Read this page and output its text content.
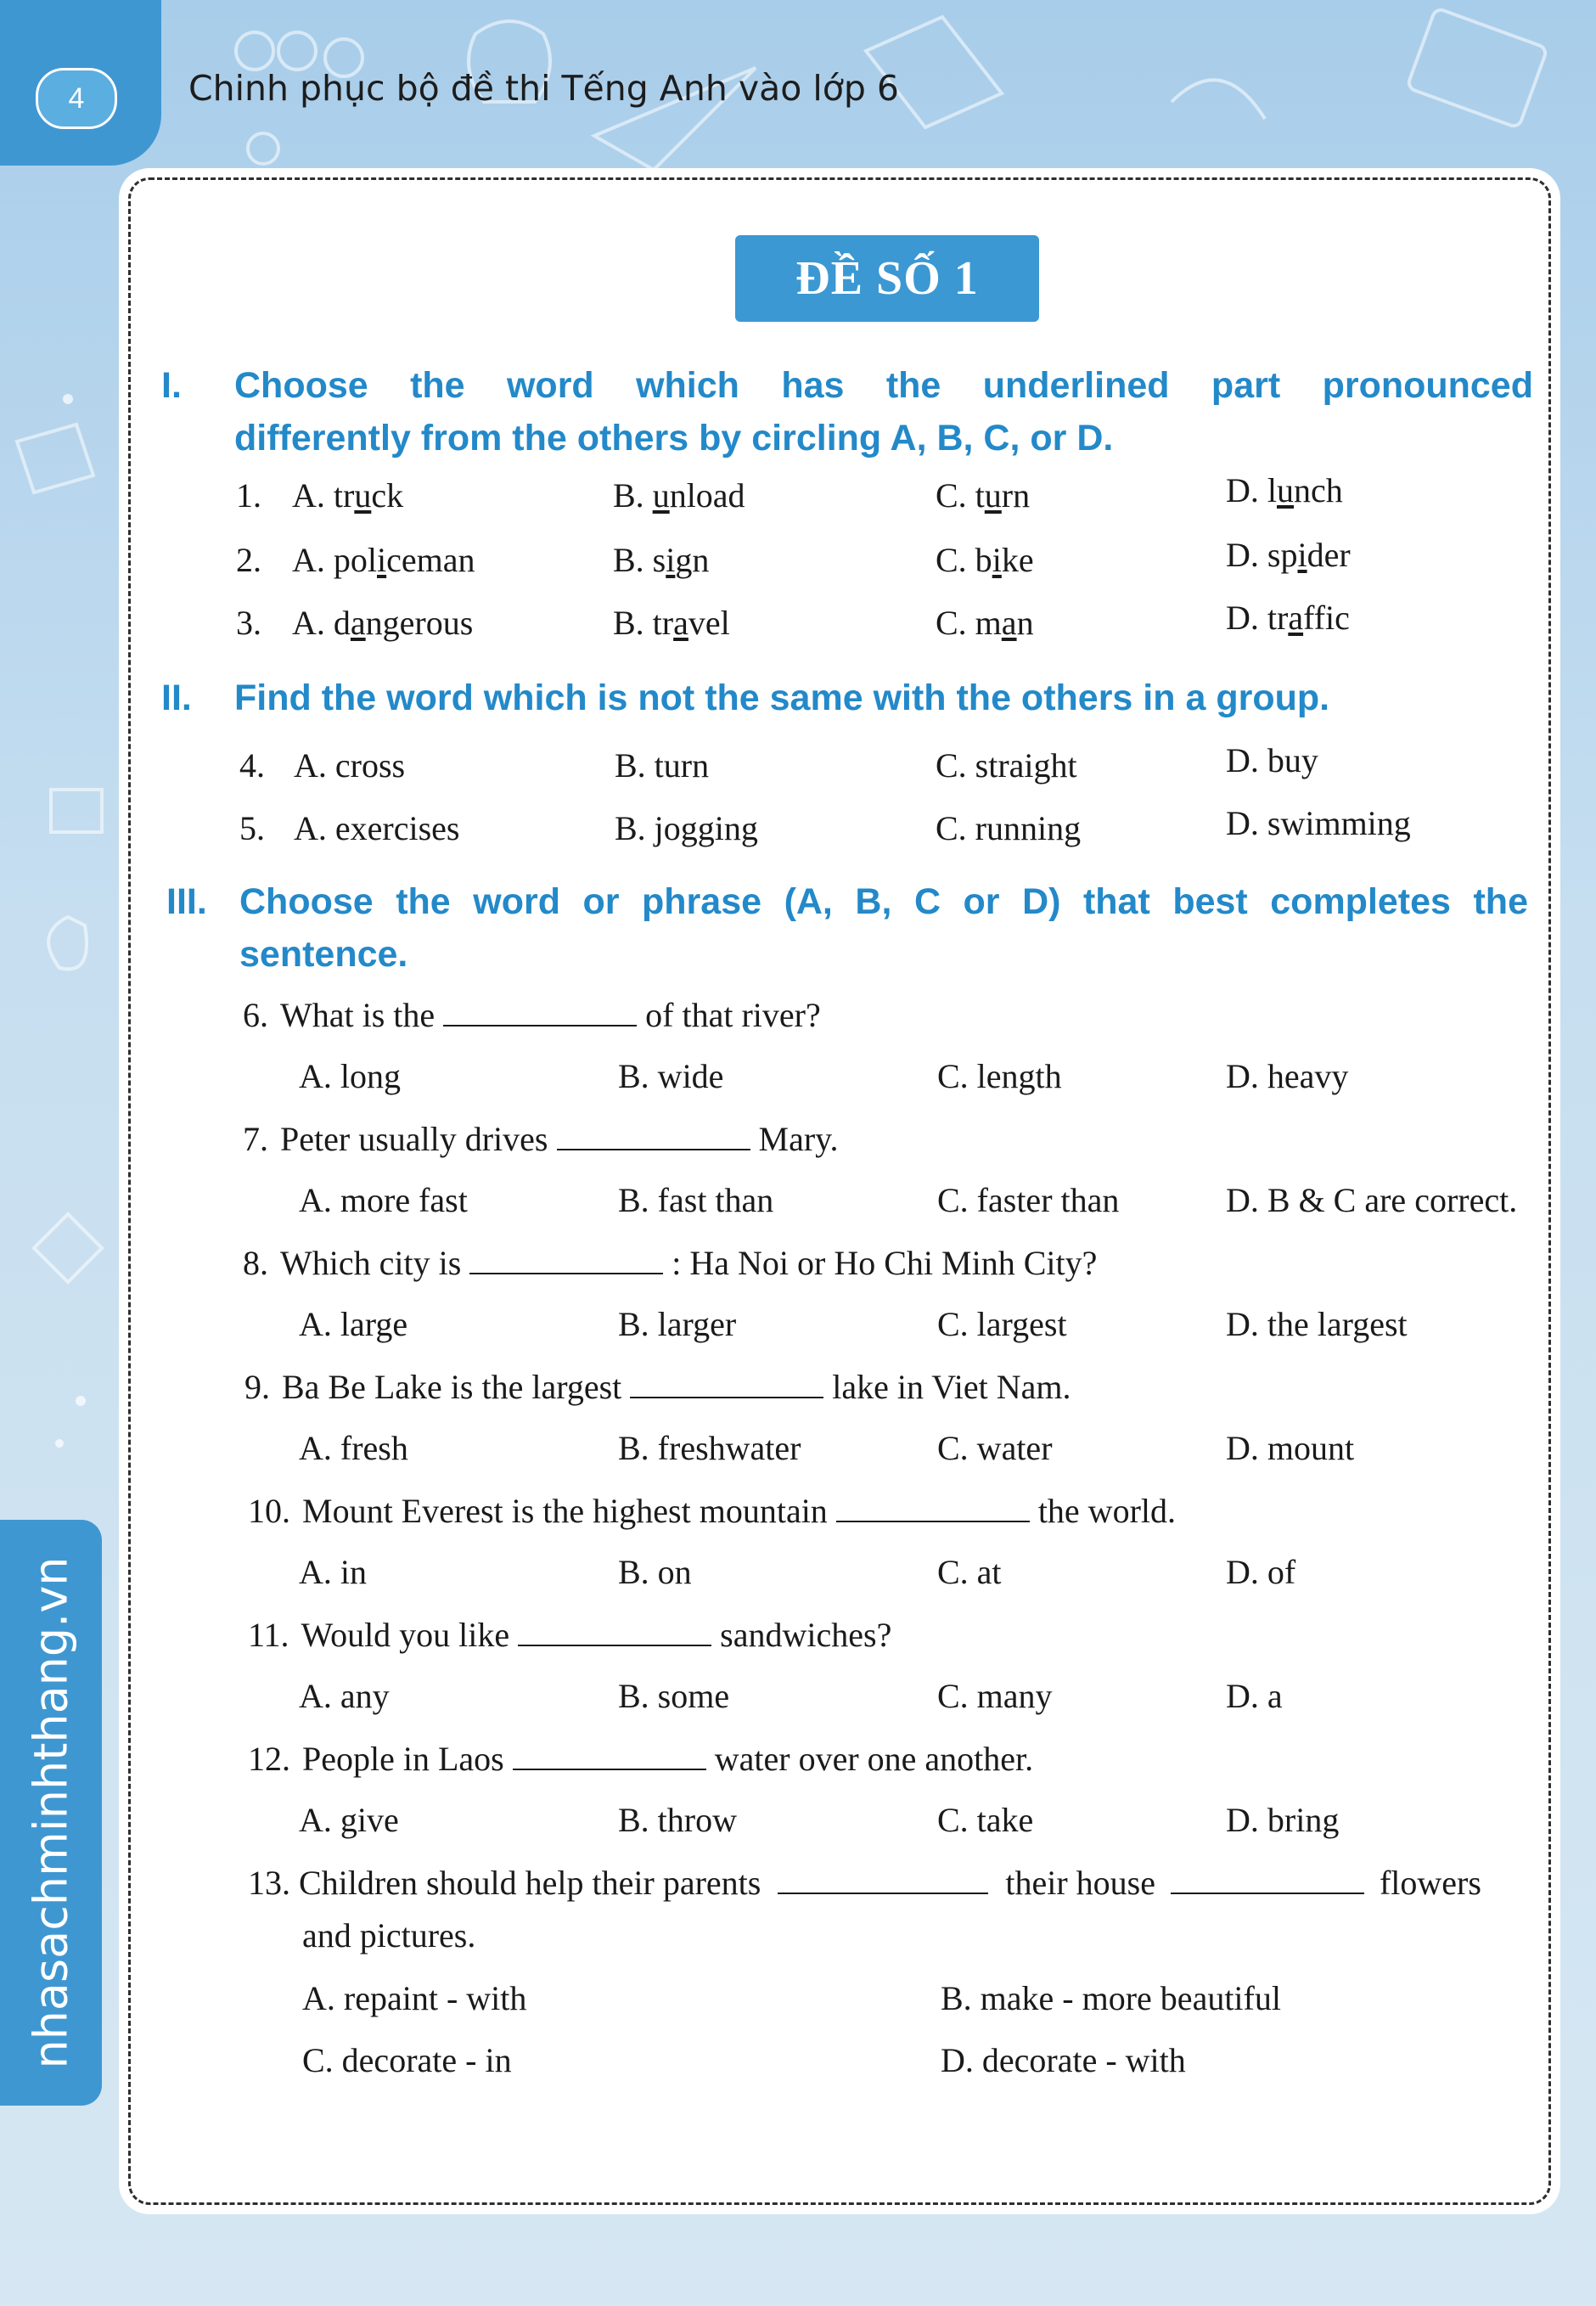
4	Chinh phục bộ đề thi Tếng Anh vào lớp 6
nhasachminhthang.vn
ĐỀ SỐ 1
I. Choose the word which has the underlined part pronounced
differently from the others by circling A, B, C, or D.
1. A. truck	B. unload	C. turn	D. lunch
2. A. policeman	B. sign	C. bike	D. spider
3. A. dangerous	B. travel	C. man	D. traffic
II. Find the word which is not the same with the others in a group.
4. A. cross	B. turn	C. straight	D. buy
5. A. exercises	B. jogging	C. running	D. swimming
III. Choose the word or phrase (A, B, C or D) that best completes the
sentence.
6. What is the	of that river?
A. long	B. wide	C. length	D. heavy
7. Peter usually drives	Mary.
A. more fast	B. fast than	C. faster than	D. B & C are correct.
8. Which city is	: Ha Noi or Ho Chi Minh City?
A. large	B. larger	C. largest	D. the largest
9. Ba Be Lake is the largest	lake in Viet Nam.
A. fresh	B. freshwater	C. water	D. mount
10. Mount Everest is the highest mountain	the world.
A. in	B. on	C. at	D. of
11. Would you like	sandwiches?
A. any	B. some	C. many	D. a
12. People in Laos	water over one another.
A. give	B. throw	C. take	D. bring
13. Children should help their parents	their house	flowers
and pictures.
A. repaint - with	B. make - more beautiful
C. decorate - in	D. decorate - with
